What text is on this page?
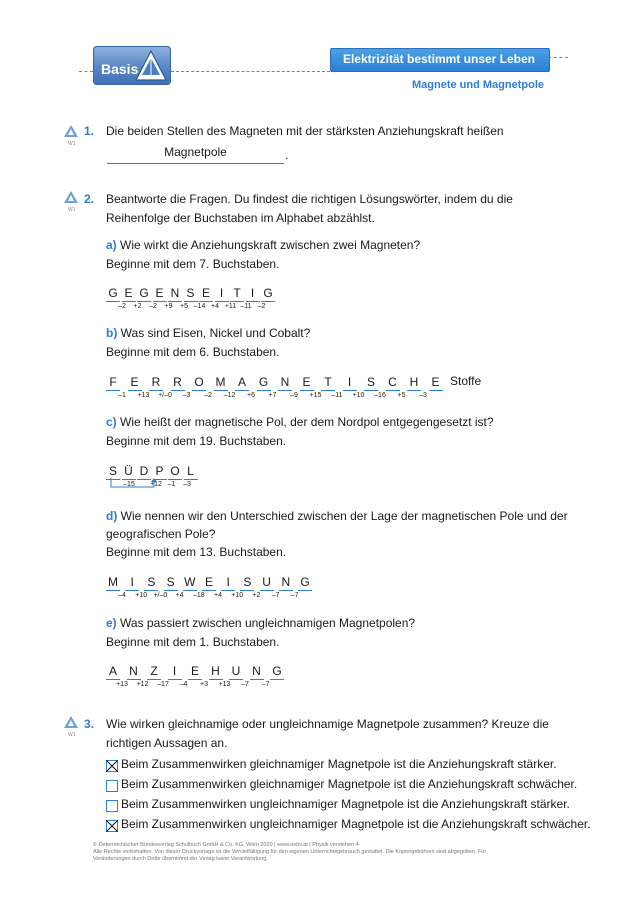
Basis
Elektrizität bestimmt unser Leben
Magnete und Magnetpole
W1
W1
W1
1. Die beiden Stellen des Magneten mit der stärksten Anziehungskraft heißen
Magnetpole	.
2. Beantworte die Fragen. Du findest die richtigen Lösungswörter, indem du die
Reihenfolge der Buchstaben im Alphabet abzählst.
a) Wie wirkt die Anziehungskraft zwischen zwei Magneten?
Beginne mit dem 7. Buchstaben.
G E G E N S E I T I G
–2	+2	–2	+9	+5 –14 +4 +11 –11 –2
b) Was sind Eisen, Nickel und Cobalt?
Beginne mit dem 6. Buchstaben.
F E R R O M A G N E T	I	S C H E Stoffe
–1	+13	+/–0	–3	–2	–12	+6	+7	–9	+15	–11	+10	–16	+5	–3
c) Wie heißt der magnetische Pol, der dem Nordpol entgegengesetzt ist?
Beginne mit dem 19. Buchstaben.
S Ü D P O L
–15	+12 –1	–3
d) Wie nennen wir den Unterschied zwischen der Lage der magnetischen Pole und der
geografischen Pole?
Beginne mit dem 13. Buchstaben.
M	I	S S W E	I	S U N G
–4	+10 +/–0	+4	–18	+4	+10	+2	–7	–7
e) Was passiert zwischen ungleichnamigen Magnetpolen?
Beginne mit dem 1. Buchstaben.
A N Z	I	E H U N G
+13	+12	–17	–4	+3	+13	–7	–7
3. Wie wirken gleichnamige oder ungleichnamige Magnetpole zusammen? Kreuze die
richtigen Aussagen an.
Beim Zusammenwirken gleichnamiger Magnetpole ist die Anziehungskraft stärker.
Beim Zusammenwirken gleichnamiger Magnetpole ist die Anziehungskraft schwächer.
Beim Zusammenwirken ungleichnamiger Magnetpole ist die Anziehungskraft stärker.
Beim Zusammenwirken ungleichnamiger Magnetpole ist die Anziehungskraft schwächer.
© Österreichischer Bundesverlag Schulbuch GmbH & Co. KG, Wien 2020 | www.oebv.at | Physik verstehen 4
Alle Rechte vorbehalten. Von dieser Druckvorlage ist die Vervielfältigung für den eigenen Unterrichtsgebrauch gestattet. Die Kopiergebühren sind abgegolten. Für
Veränderungen durch Dritte übernimmt der Verlag keine Verantwortung.
